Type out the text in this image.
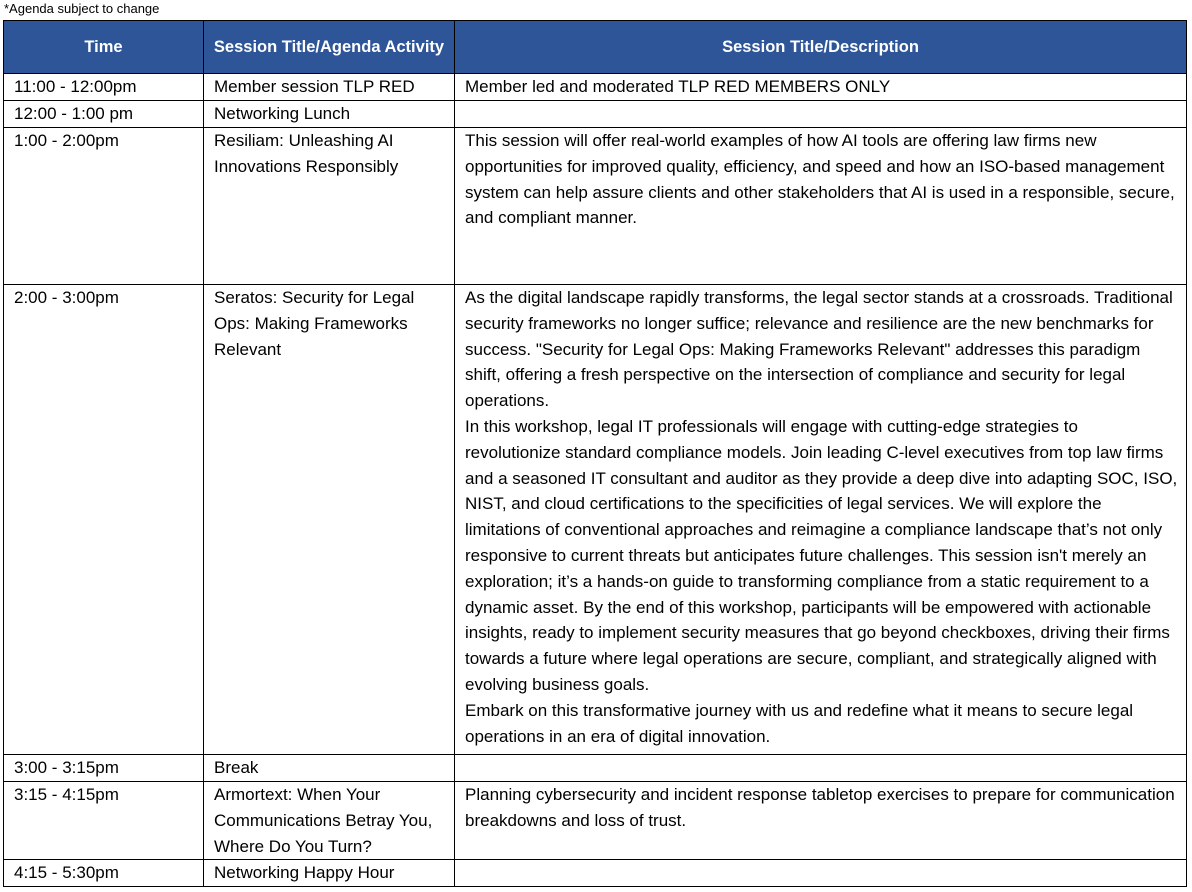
*Agenda subject to change
Time	Session Title/Agenda Activity	Session Title/Description
11:00 - 12:00pm	Member session TLP RED	Member led and moderated TLP RED MEMBERS ONLY

12:00 - 1:00 pm	Networking Lunch	
1:00 - 2:00pm	Resiliam: Unleashing AI Innovations Responsibly	This session will offer real-world examples of how AI tools are offering law firms new opportunities for improved quality, efficiency, and speed and how an ISO-based management system can help assure clients and other stakeholders that AI is used in a responsible, secure, and compliant manner.

2:00 - 3:00pm	Seratos: Security for Legal Ops: Making Frameworks Relevant	As the digital landscape rapidly transforms, the legal sector stands at a crossroads. Traditional security frameworks no longer suffice; relevance and resilience are the new benchmarks for success. "Security for Legal Ops: Making Frameworks Relevant" addresses this paradigm shift, offering a fresh perspective on the intersection of compliance and security for legal operations.

In this workshop, legal IT professionals will engage with cutting-edge strategies to revolutionize standard compliance models. Join leading C-level executives from top law firms and a seasoned IT consultant and auditor as they provide a deep dive into adapting SOC, ISO, NIST, and cloud certifications to the specificities of legal services. We will explore the limitations of conventional approaches and reimagine a compliance landscape that’s not only responsive to current threats but anticipates future challenges. This session isn't merely an exploration; it’s a hands-on guide to transforming compliance from a static requirement to a dynamic asset. By the end of this workshop, participants will be empowered with actionable insights, ready to implement security measures that go beyond checkboxes, driving their firms towards a future where legal operations are secure, compliant, and strategically aligned with evolving business goals.

Embark on this transformative journey with us and redefine what it means to secure legal operations in an era of digital innovation.

3:00 - 3:15pm	Break	
3:15 - 4:15pm	Armortext: When Your Communications Betray You, Where Do You Turn?	Planning cybersecurity and incident response tabletop exercises to prepare for communication breakdowns and loss of trust.

4:15 - 5:30pm	Networking Happy Hour	
